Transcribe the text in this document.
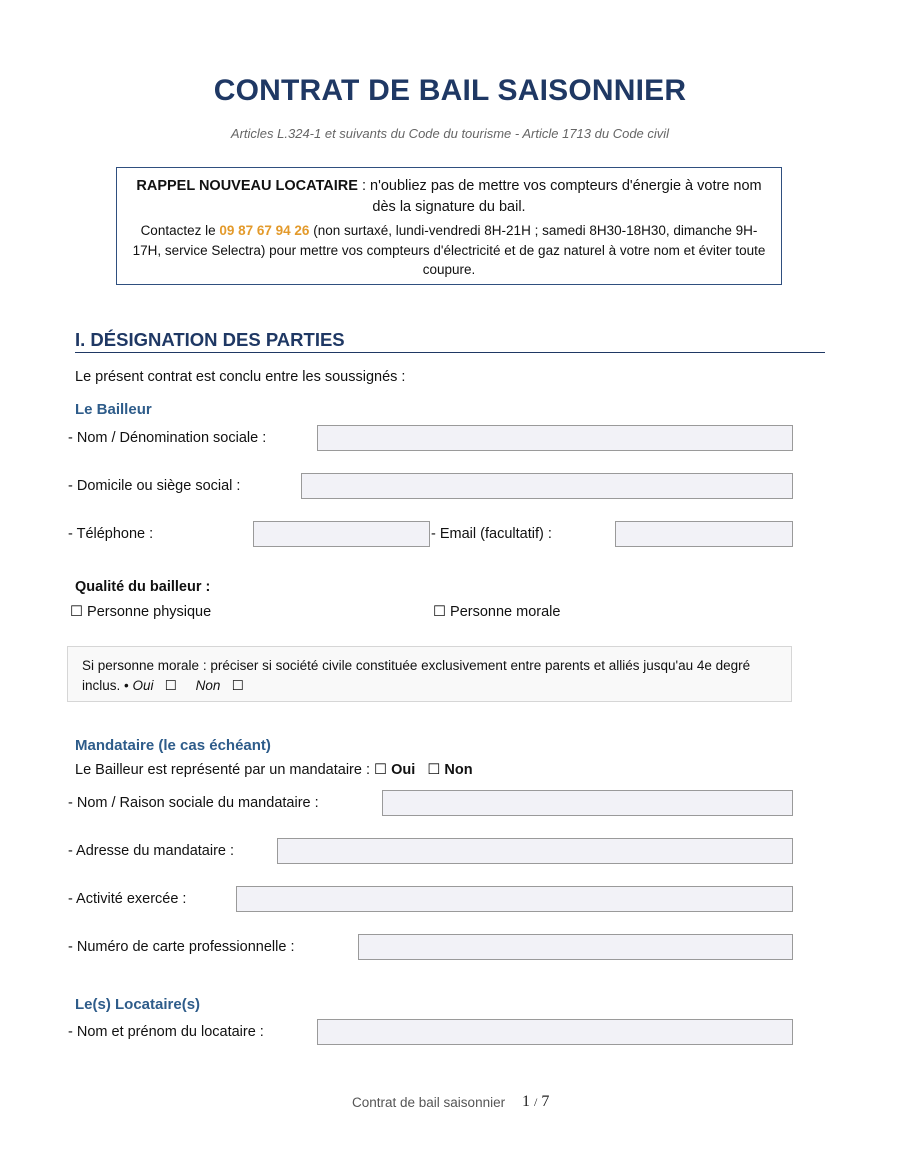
CONTRAT DE BAIL SAISONNIER
Articles L.324-1 et suivants du Code du tourisme - Article 1713 du Code civil
RAPPEL NOUVEAU LOCATAIRE : n'oubliez pas de mettre vos compteurs d'énergie à votre nom dès la signature du bail.
Contactez le 09 87 67 94 26 (non surtaxé, lundi-vendredi 8H-21H ; samedi 8H30-18H30, dimanche 9H-17H, service Selectra) pour mettre vos compteurs d'électricité et de gaz naturel à votre nom et éviter toute coupure.
I. DÉSIGNATION DES PARTIES
Le présent contrat est conclu entre les soussignés :
Le Bailleur
- Nom / Dénomination sociale :
- Domicile ou siège social :
- Téléphone :	- Email (facultatif) :
Qualité du bailleur :
☐ Personne physique	☐ Personne morale
Si personne morale : préciser si société civile constituée exclusivement entre parents et alliés jusqu'au 4e degré inclus. • Oui ☐ Non ☐
Mandataire (le cas échéant)
Le Bailleur est représenté par un mandataire : ☐ Oui ☐ Non
- Nom / Raison sociale du mandataire :
- Adresse du mandataire :
- Activité exercée :
- Numéro de carte professionnelle :
Le(s) Locataire(s)
- Nom et prénom du locataire :
Contrat de bail saisonnier 1 / 7
